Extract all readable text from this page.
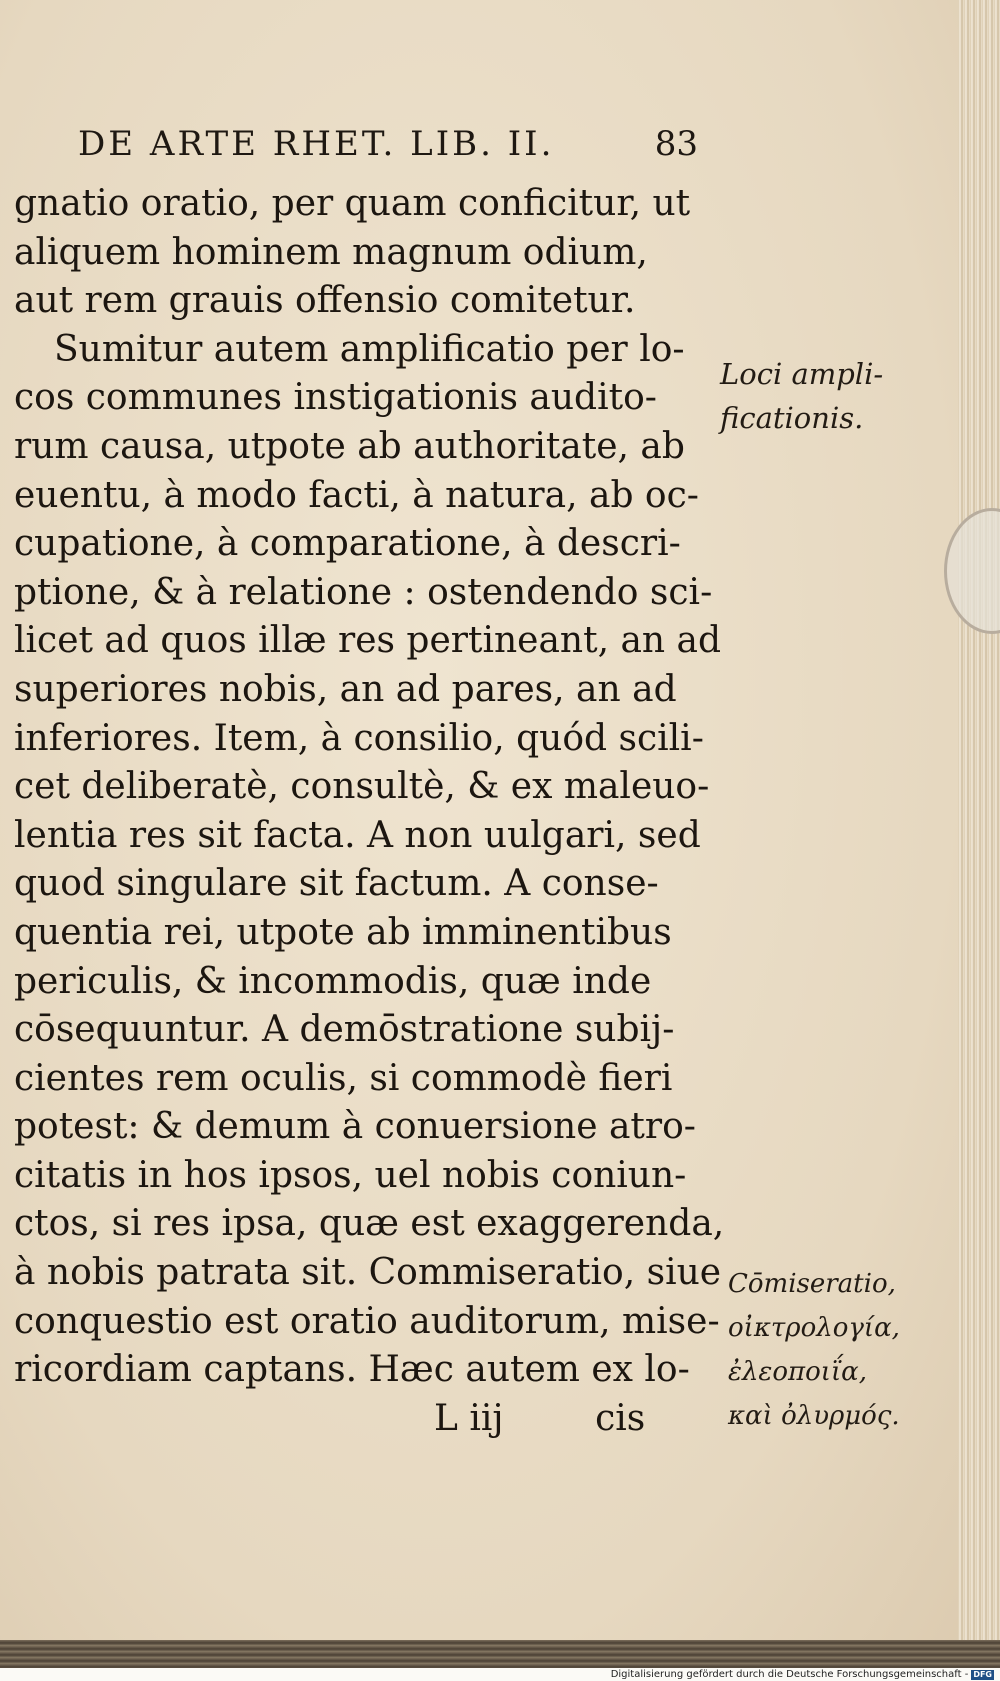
DE ARTE RHET. LIB. II.	83
gnatio oratio, per quam conficitur, ut
aliquem hominem magnum odium,
aut rem grauis offensio comitetur.
Sumitur autem amplificatio per lo-
cos communes instigationis audito-
rum causa, utpote ab authoritate, ab
euentu, à modo facti, à natura, ab oc-
cupatione, à comparatione, à descri-
ptione, & à relatione : ostendendo sci-
licet ad quos illæ res pertineant, an ad
superiores nobis, an ad pares, an ad
inferiores. Item, à consilio, quód scili-
cet deliberatè, consultè, & ex maleuo-
lentia res sit facta. A non uulgari, sed
quod singulare sit factum. A conse-
quentia rei, utpote ab imminentibus
periculis, & incommodis, quæ inde
cōsequuntur. A demōstratione subij-
cientes rem oculis, si commodè fieri
potest: & demum à conuersione atro-
citatis in hos ipsos, uel nobis coniun-
ctos, si res ipsa, quæ est exaggerenda,
à nobis patrata sit. Commiseratio, siue
conquestio est oratio auditorum, mise-
ricordiam captans. Hæc autem ex lo-
L iij        cis
Loci ampli-
ficationis.
Cōmiseratio,
οἰκτρολογία,
ἐλεοποιΐα,
καὶ ὀλυρμός.
Digitalisierung gefördert durch die Deutsche Forschungsgemeinschaft - DFG
